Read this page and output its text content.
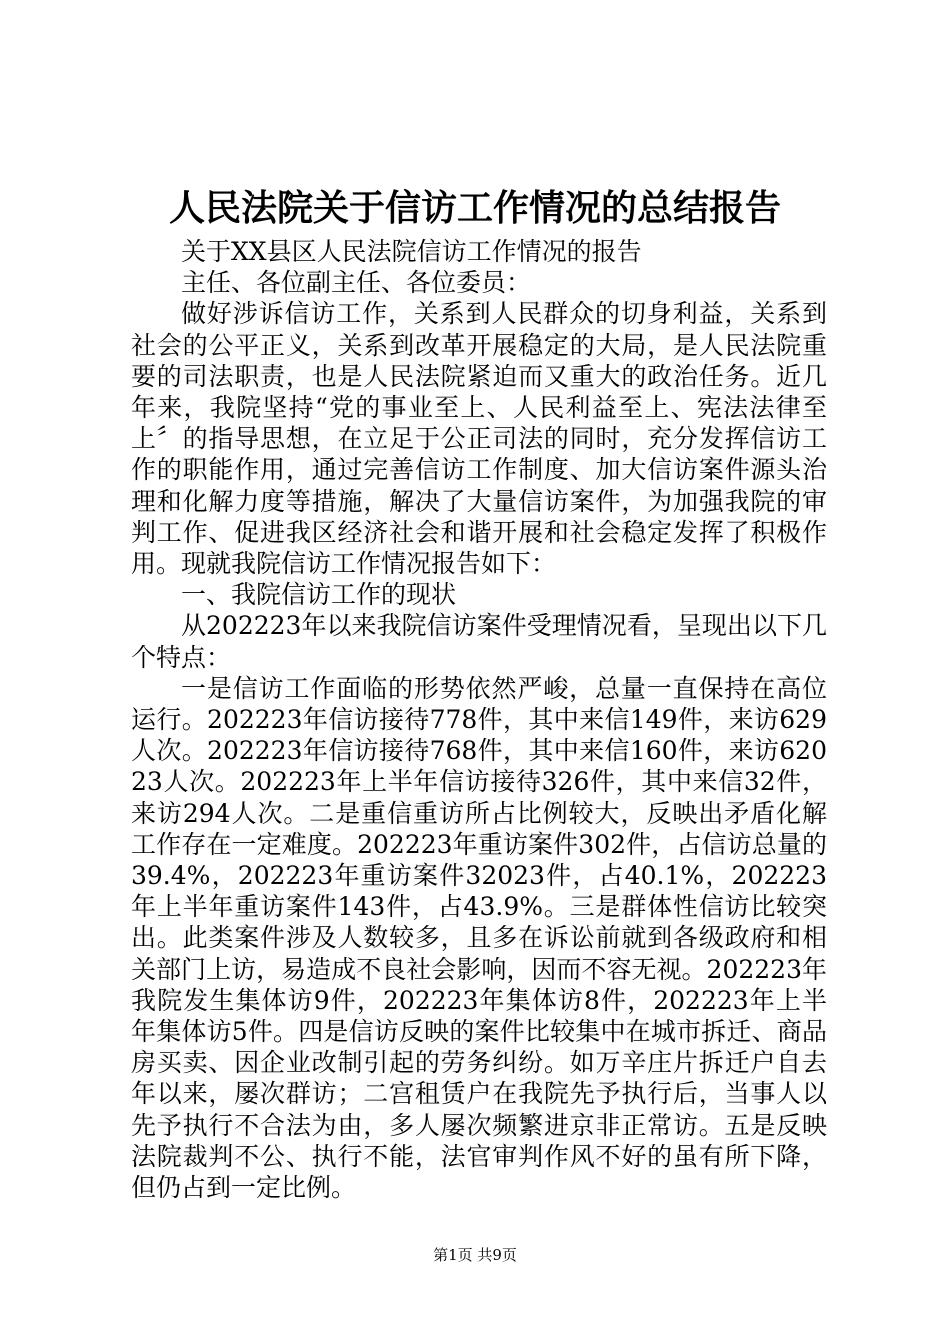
人民法院关于信访工作情况的总结报告

关于XX县区人民法院信访工作情况的报告

主任、各位副主任、各位委员：

做好涉诉信访工作，关系到人民群众的切身利益，关系到社会的公平正义，关系到改革开展稳定的大局，是人民法院重要的司法职责，也是人民法院紧迫而又重大的政治任务。近几年来，我院坚持“党的事业至上、人民利益至上、宪法法律至上〞的指导思想，在立足于公正司法的同时，充分发挥信访工作的职能作用，通过完善信访工作制度、加大信访案件源头治理和化解力度等措施，解决了大量信访案件，为加强我院的审判工作、促进我区经济社会和谐开展和社会稳定发挥了积极作用。现就我院信访工作情况报告如下：

一、我院信访工作的现状

从202223年以来我院信访案件受理情况看，呈现出以下几个特点：

一是信访工作面临的形势依然严峻，总量一直保持在高位运行。202223年信访接待778件，其中来信149件，来访629人次。202223年信访接待768件，其中来信160件，来访62023人次。202223年上半年信访接待326件，其中来信32件，来访294人次。二是重信重访所占比例较大，反映出矛盾化解工作存在一定难度。202223年重访案件302件，占信访总量的39.4%，202223年重访案件32023件，占40.1%，202223年上半年重访案件143件，占43.9%。三是群体性信访比较突出。此类案件涉及人数较多，且多在诉讼前就到各级政府和相关部门上访，易造成不良社会影响，因而不容无视。202223年我院发生集体访9件，202223年集体访8件，202223年上半年集体访5件。四是信访反映的案件比较集中在城市拆迁、商品房买卖、因企业改制引起的劳务纠纷。如万辛庄片拆迁户自去年以来，屡次群访；二宫租赁户在我院先予执行后，当事人以先予执行不合法为由，多人屡次频繁进京非正常访。五是反映法院裁判不公、执行不能，法官审判作风不好的虽有所下降，但仍占到一定比例。

第1页 共9页
